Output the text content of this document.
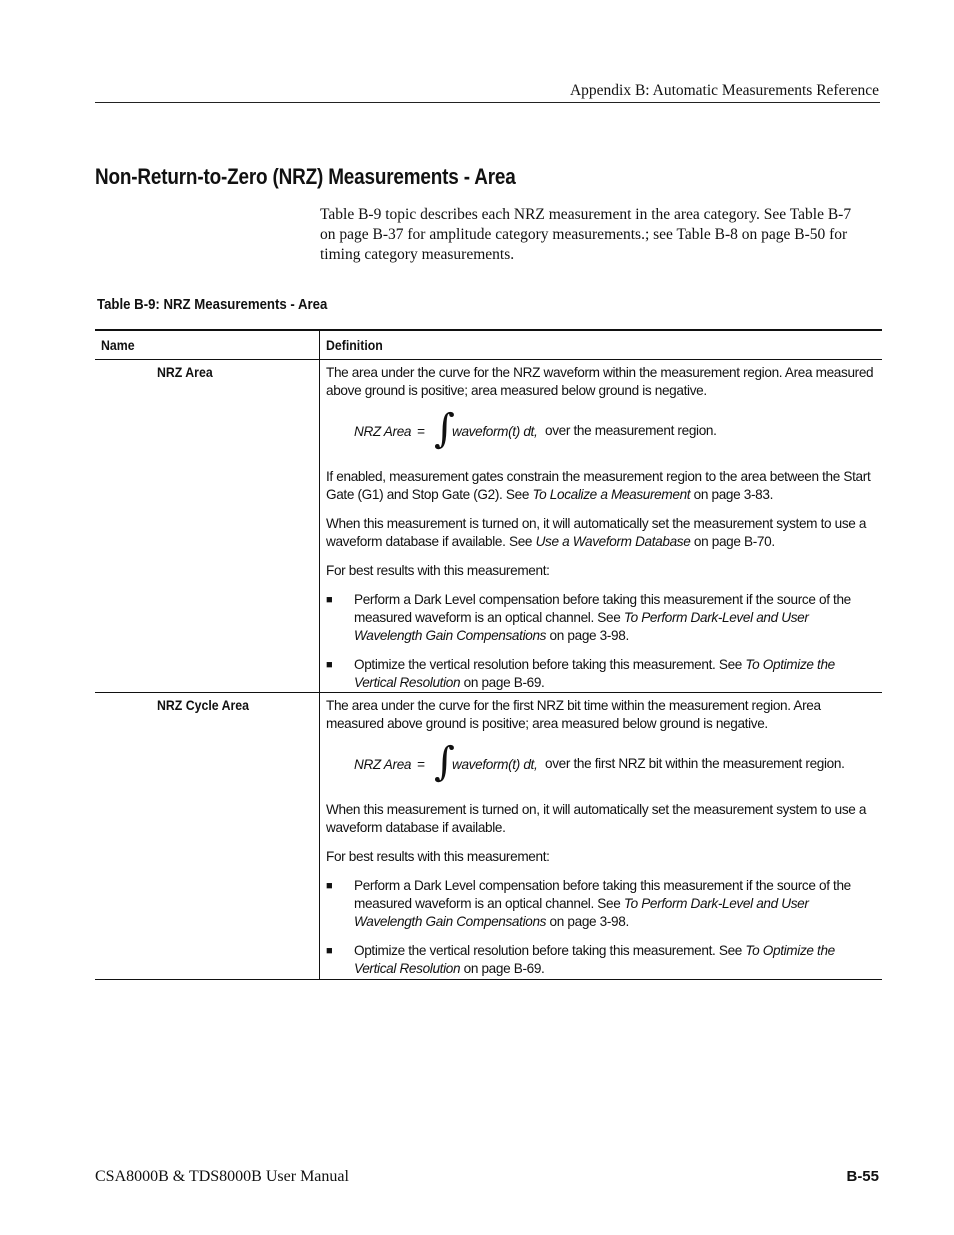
Appendix B: Automatic Measurements Reference
Non-Return-to-Zero (NRZ) Measurements - Area

Table B-9 topic describes each NRZ measurement in the area category. See Table B-7 on page B-37 for amplitude category measurements.; see Table B-8 on page B-50 for timing category measurements.

Table B-9: NRZ Measurements - Area
Name	Definition
NRZ Area	The area under the curve for the NRZ waveform within the measurement region. Area measured above ground is positive; area measured below ground is negative.

NRZ Area = ∫
waveform(t) dt, over the measurement region.

If enabled, measurement gates constrain the measurement region to the area between the Start Gate (G1) and Stop Gate (G2). See To Localize a Measurement on page 3-83.

When this measurement is turned on, it will automatically set the measurement system to use a waveform database if available. See Use a Waveform Database on page B-70.

For best results with this measurement:

■	Perform a Dark Level compensation before taking this measurement if the source of the measured waveform is an optical channel. See To Perform Dark-Level and User Wavelength Gain Compensations on page 3-98.
■	Optimize the vertical resolution before taking this measurement. See To Optimize the Vertical Resolution on page B-69.
NRZ Cycle Area	The area under the curve for the first NRZ bit time within the measurement region. Area measured above ground is positive; area measured below ground is negative.

NRZ Area = ∫
waveform(t) dt, over the first NRZ bit within the measurement region.

When this measurement is turned on, it will automatically set the measurement system to use a waveform database if available.

For best results with this measurement:

■	Perform a Dark Level compensation before taking this measurement if the source of the measured waveform is an optical channel. See To Perform Dark-Level and User Wavelength Gain Compensations on page 3-98.
■	Optimize the vertical resolution before taking this measurement. See To Optimize the Vertical Resolution on page B-69.
CSA8000B & TDS8000B User Manual	B-55
